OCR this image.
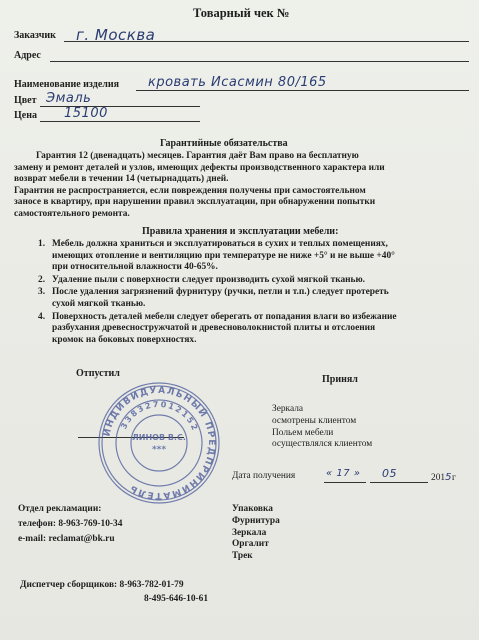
Товарный чек №
Заказчик г. Москва
Адрес
Наименование изделия кровать Исасмин 80/165
Цвет Эмаль
Цена 15100
Гарантийные обязательства

Гарантия 12 (двенадцать) месяцев. Гарантия даёт Вам право на бесплатную

замену и ремонт деталей и узлов, имеющих дефекты производственного характера или

возврат мебели в течении 14 (четырнадцать) дней.

Гарантия не распространяется, если повреждения получены при самостоятельном

заносе в квартиру, при нарушении правил эксплуатации, при обнаружении попытки

самостоятельного ремонта.

Правила хранения и эксплуатации мебели:
1. Мебель должна храниться и эксплуатироваться в сухих и теплых помещениях,
имеющих отопление и вентиляцию при температуре не ниже +5° и не выше +40°
при относительной влажности 40-65%.
2. Удаление пыли с поверхности следует производить сухой мягкой тканью.
3. После удаления загрязнений фурнитуру (ручки, петли и т.п.) следует протереть
сухой мягкой тканью.
4. Поверхность деталей мебели следует оберегать от попадания влаги во избежание
разбухания древесностружчатой и древесноволокнистой плиты и отслоения
кромок на боковых поверхностях.
Отпустил
Принял
Зеркала
осмотрены клиентом
Польем мебели
осуществлялся клиентом
Дата получения	« 17 » 05	2015г
Отдел рекламации:
телефон: 8-963-769-10-34
e-mail: reclamat@bk.ru
Упаковка
Фурнитура
Зеркала
Оргалит
Трек
Диспетчер сборщиков: 8-963-782-01-79
8-495-646-10-61
ИНДИВИДУАЛЬНЫЙ ПРЕДПРИНИМАТЕЛЬ
338327012152
ЛИНОВ В.С.
***
